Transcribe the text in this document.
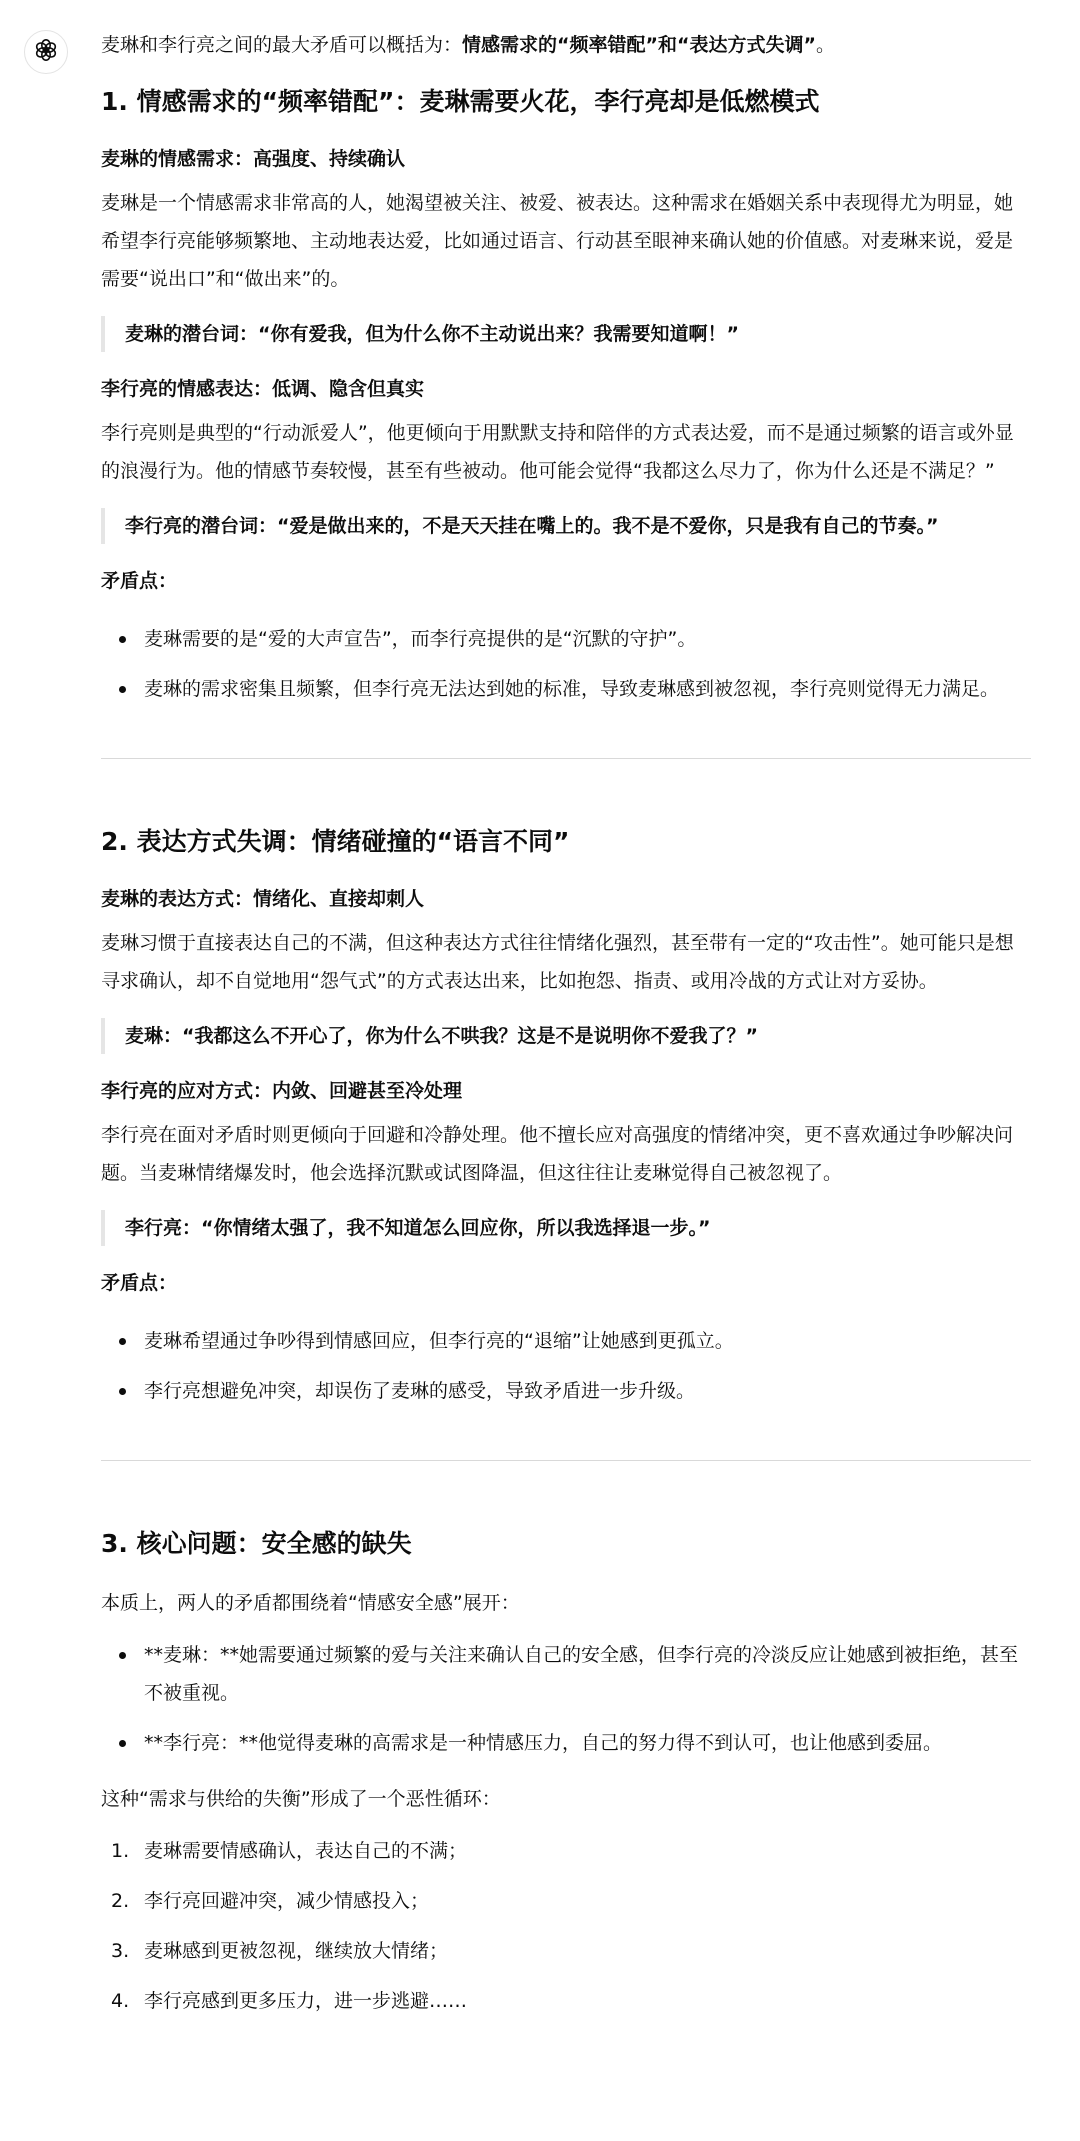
麦琳和李行亮之间的最大矛盾可以概括为：情感需求的“频率错配”和“表达方式失调”。

1. 情感需求的“频率错配”：麦琳需要火花，李行亮却是低燃模式
麦琳的情感需求：高强度、持续确认

麦琳是一个情感需求非常高的人，她渴望被关注、被爱、被表达。这种需求在婚姻关系中表现得尤为明显，她希望李行亮能够频繁地、主动地表达爱，比如通过语言、行动甚至眼神来确认她的价值感。对麦琳来说，爱是需要“说出口”和“做出来”的。

麦琳的潜台词：“你有爱我，但为什么你不主动说出来？我需要知道啊！”
李行亮的情感表达：低调、隐含但真实

李行亮则是典型的“行动派爱人”，他更倾向于用默默支持和陪伴的方式表达爱，而不是通过频繁的语言或外显的浪漫行为。他的情感节奏较慢，甚至有些被动。他可能会觉得“我都这么尽力了，你为什么还是不满足？”

李行亮的潜台词：“爱是做出来的，不是天天挂在嘴上的。我不是不爱你，只是我有自己的节奏。”
矛盾点：
麦琳需要的是“爱的大声宣告”，而李行亮提供的是“沉默的守护”。
麦琳的需求密集且频繁，但李行亮无法达到她的标准，导致麦琳感到被忽视，李行亮则觉得无力满足。
2. 表达方式失调：情绪碰撞的“语言不同”
麦琳的表达方式：情绪化、直接却刺人

麦琳习惯于直接表达自己的不满，但这种表达方式往往情绪化强烈，甚至带有一定的“攻击性”。她可能只是想寻求确认，却不自觉地用“怨气式”的方式表达出来，比如抱怨、指责、或用冷战的方式让对方妥协。

麦琳：“我都这么不开心了，你为什么不哄我？这是不是说明你不爱我了？”
李行亮的应对方式：内敛、回避甚至冷处理

李行亮在面对矛盾时则更倾向于回避和冷静处理。他不擅长应对高强度的情绪冲突，更不喜欢通过争吵解决问题。当麦琳情绪爆发时，他会选择沉默或试图降温，但这往往让麦琳觉得自己被忽视了。

李行亮：“你情绪太强了，我不知道怎么回应你，所以我选择退一步。”
矛盾点：
麦琳希望通过争吵得到情感回应，但李行亮的“退缩”让她感到更孤立。
李行亮想避免冲突，却误伤了麦琳的感受，导致矛盾进一步升级。
3. 核心问题：安全感的缺失

本质上，两人的矛盾都围绕着“情感安全感”展开：

**麦琳：**她需要通过频繁的爱与关注来确认自己的安全感，但李行亮的冷淡反应让她感到被拒绝，甚至不被重视。
**李行亮：**他觉得麦琳的高需求是一种情感压力，自己的努力得不到认可，也让他感到委屈。

这种“需求与供给的失衡”形成了一个恶性循环：

1. 麦琳需要情感确认，表达自己的不满；
2. 李行亮回避冲突，减少情感投入；
3. 麦琳感到更被忽视，继续放大情绪；
4. 李行亮感到更多压力，进一步逃避……
